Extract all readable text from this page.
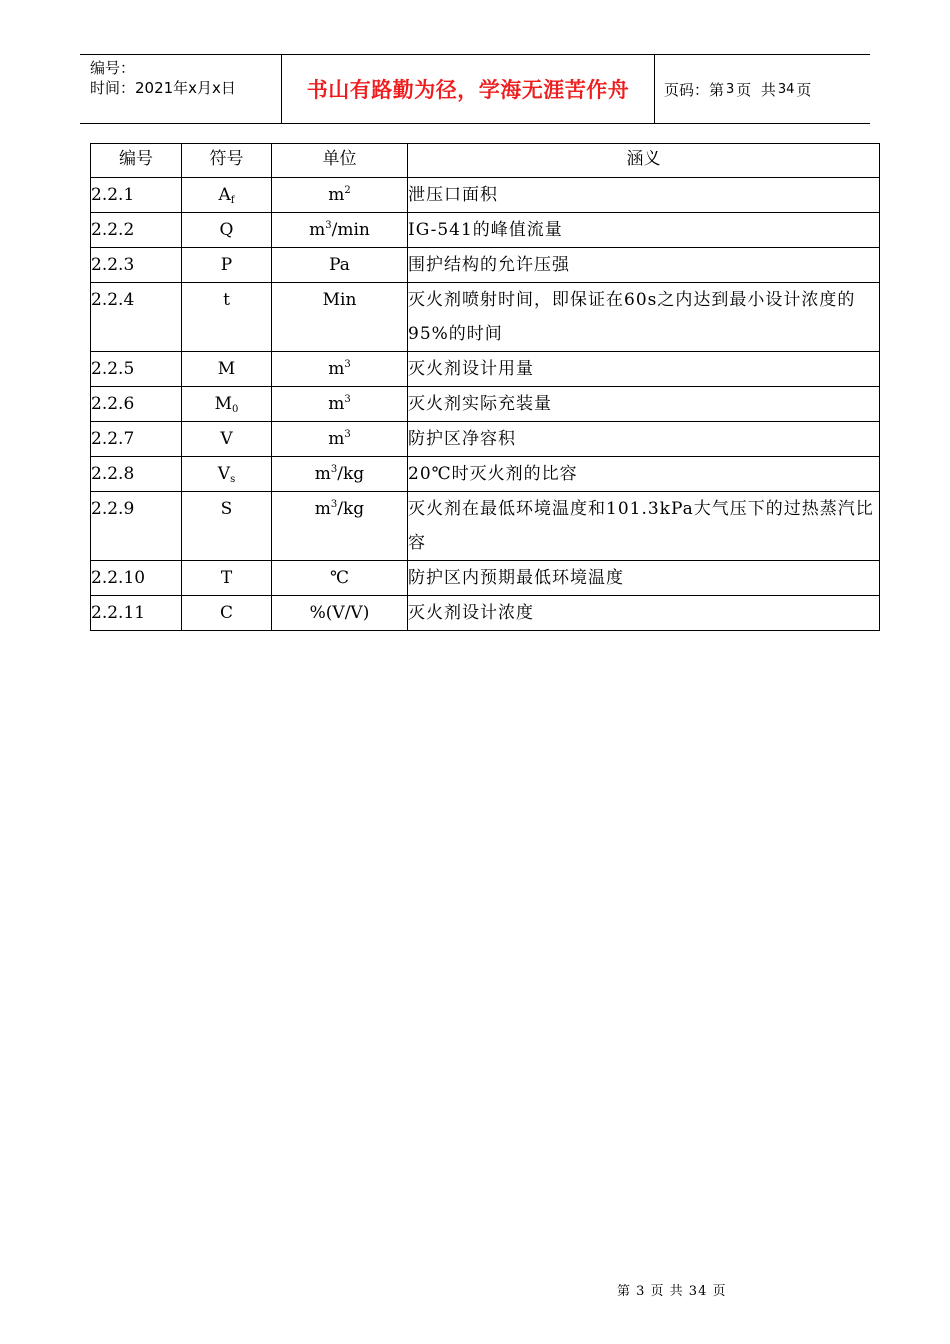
编号：
时间：2021年x月x日	书山有路勤为径，学海无涯苦作舟	页码：第 3 页  共 34 页
编号	符号	单位	涵义
2.2.1	$A_f$	$m^2$	泄压口面积
2.2.2	Q	$m^3/\min$	IG-541的峰值流量
2.2.3	P	Pa	围护结构的允许压强
2.2.4	t	Min	灭火剂喷射时间，即保证在60s之内达到最小设计浓度的95%的时间
2.2.5	M	$m^3$	灭火剂设计用量
2.2.6	$M_0$	$m^3$	灭火剂实际充装量
2.2.7	V	$m^3$	防护区净容积
2.2.8	$V_s$	$m^3/kg$	20℃时灭火剂的比容
2.2.9	S	$m^3/kg$	灭火剂在最低环境温度和101.3kPa大气压下的过热蒸汽比容
2.2.10	T	℃	防护区内预期最低环境温度
2.2.11	C	%(V/V)	灭火剂设计浓度
第 3 页 共 34 页
